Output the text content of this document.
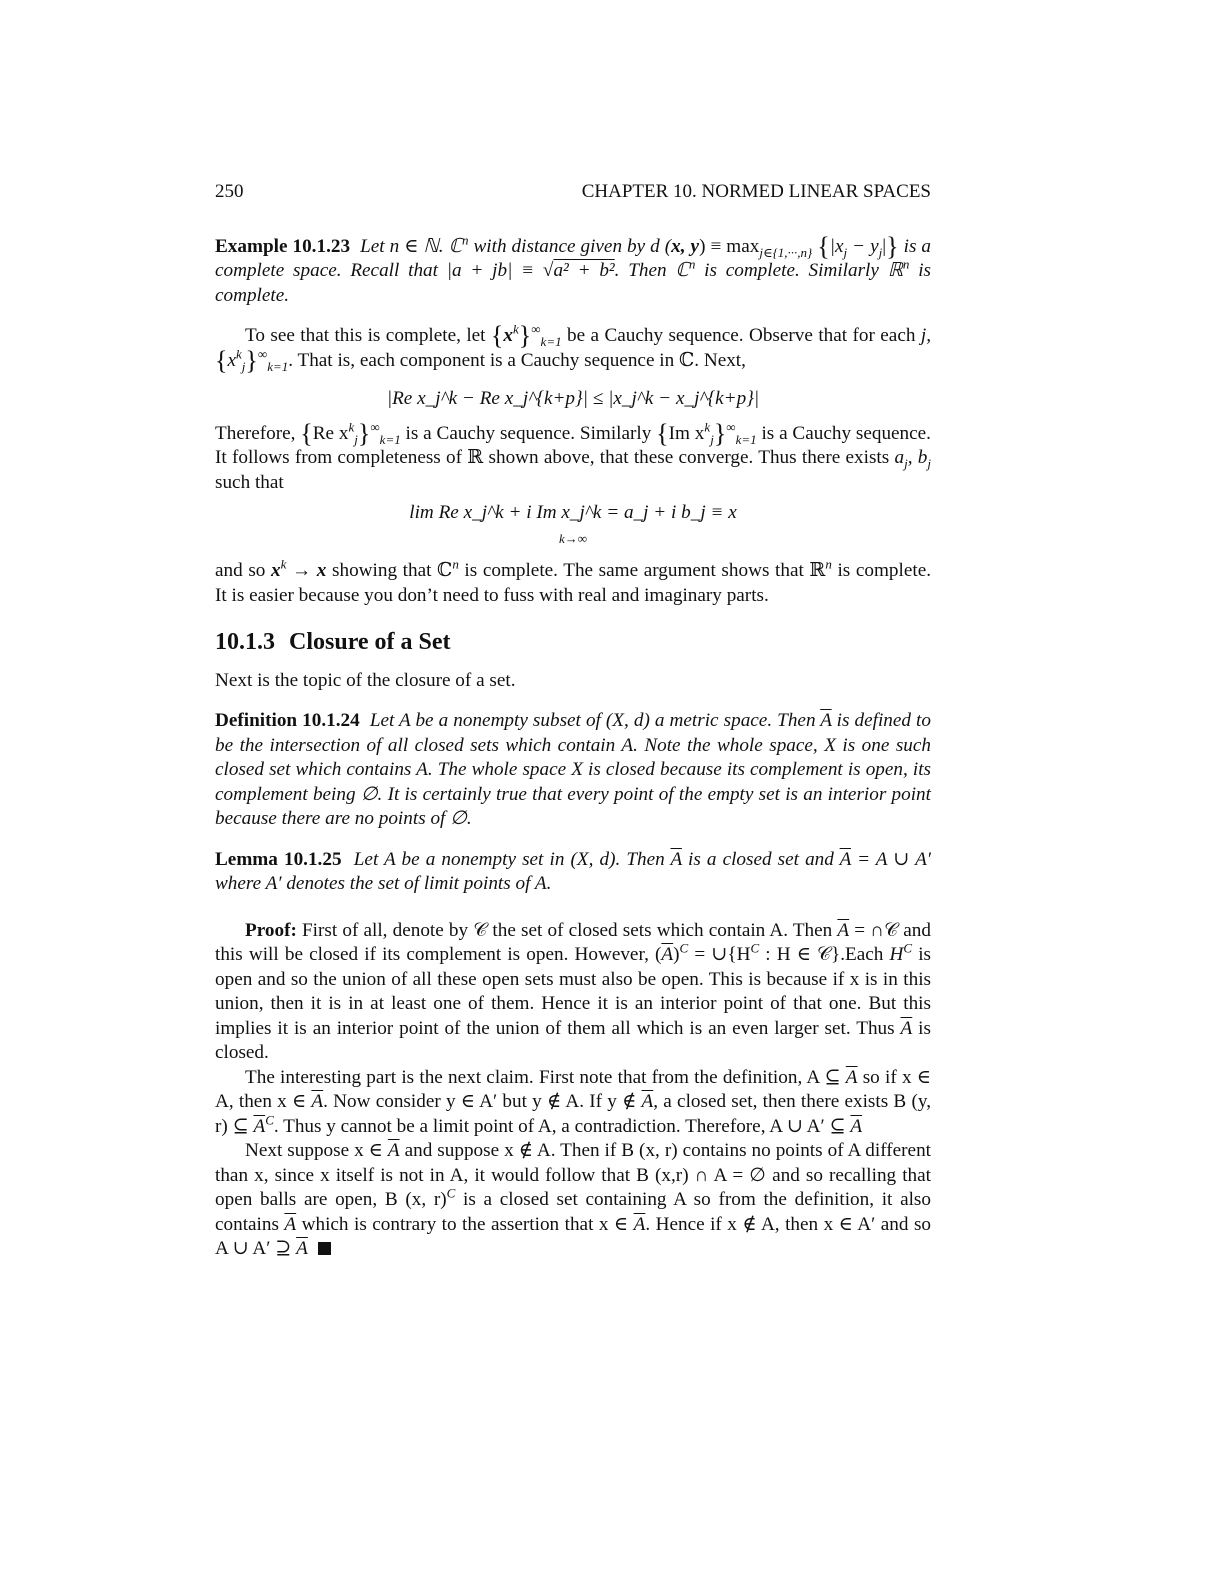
250	CHAPTER 10. NORMED LINEAR SPACES

Example 10.1.23 Let n ∈ ℕ. ℂ$^n$ with distance given by d (x, $y) \equiv \max_{j\in\{1,\cdot\cdot\cdot,n\}} \{|x_j - y_j|\}$ is a complete space. Recall that |a + jb| ≡ √a² + b². Then ℂ$^n$ is complete. Similarly ℝ$^n$ is complete.

To see that this is complete, let $\{x^k\}^\infty_{k=1}$ be a Cauchy sequence. Observe that for each j, $\{x^k_j\}^\infty_{k=1}$. That is, each component is a Cauchy sequence in ℂ. Next,

|Re x_j^k − Re x_j^{k+p}| ≤ |x_j^k − x_j^{k+p}|

Therefore, {Re $x^k_j\}^\infty_{k=1}$ is a Cauchy sequence. Similarly {Im $x^k_j\}^\infty_{k=1}$ is a Cauchy sequence. It follows from completeness of ℝ shown above, that these converge. Thus there exists $a_j$, $b_j$ such that

lim Re x_j^k + i Im x_j^k = a_j + i b_j ≡ x
k→∞

and so $x^k \to x$ showing that ℂ$^n$ is complete. The same argument shows that ℝ$^n$ is complete. It is easier because you don’t need to fuss with real and imaginary parts.

10.1.3 Closure of a Set

Next is the topic of the closure of a set.

Definition 10.1.24 Let A be a nonempty subset of (X, d) a metric space. Then $\overline{A}$ is defined to be the intersection of all closed sets which contain A. Note the whole space, X is one such closed set which contains A. The whole space X is closed because its complement is open, its complement being ∅. It is certainly true that every point of the empty set is an interior point because there are no points of ∅.

Lemma 10.1.25 Let A be a nonempty set in (X, d). Then $\overline{A}$ is a closed set and $\overline{A} = A$ ∪ A′ where A′ denotes the set of limit points of A.

Proof: First of all, denote by 𝒞 the set of closed sets which contain A. Then $\overline{A}$ = ∩𝒞 and this will be closed if its complement is open. However, $(\overline{A})^C$ = $\cup\{H^C$ : H ∈ 𝒞}.Each $H^C$ is open and so the union of all these open sets must also be open. This is because if x is in this union, then it is in at least one of them. Hence it is an interior point of that one. But this implies it is an interior point of the union of them all which is an even larger set. Thus $\overline{A}$ is closed.

The interesting part is the next claim. First note that from the definition, A ⊆ $\overline{A}$ so if x ∈ A, then x ∈ $\overline{A}$. Now consider y ∈ A′ but y ∉ A. If y ∉ $\overline{A}$, a closed set, then there exists B (y, r) ⊆ $\overline{A}^C$. Thus y cannot be a limit point of A, a contradiction. Therefore, A ∪ A′ ⊆ $\overline{A}$

Next suppose x ∈ $\overline{A}$ and suppose x ∉ A. Then if B (x, r) contains no points of A different than x, since x itself is not in A, it would follow that B (x,r) ∩ A = ∅ and so recalling that open balls are open, B (x, r)$^C$ is a closed set containing A so from the definition, it also contains $\overline{A}$ which is contrary to the assertion that x ∈ $\overline{A}$. Hence if x ∉ A, then x ∈ A′ and so A ∪ A′ ⊇ $\overline{A}$
